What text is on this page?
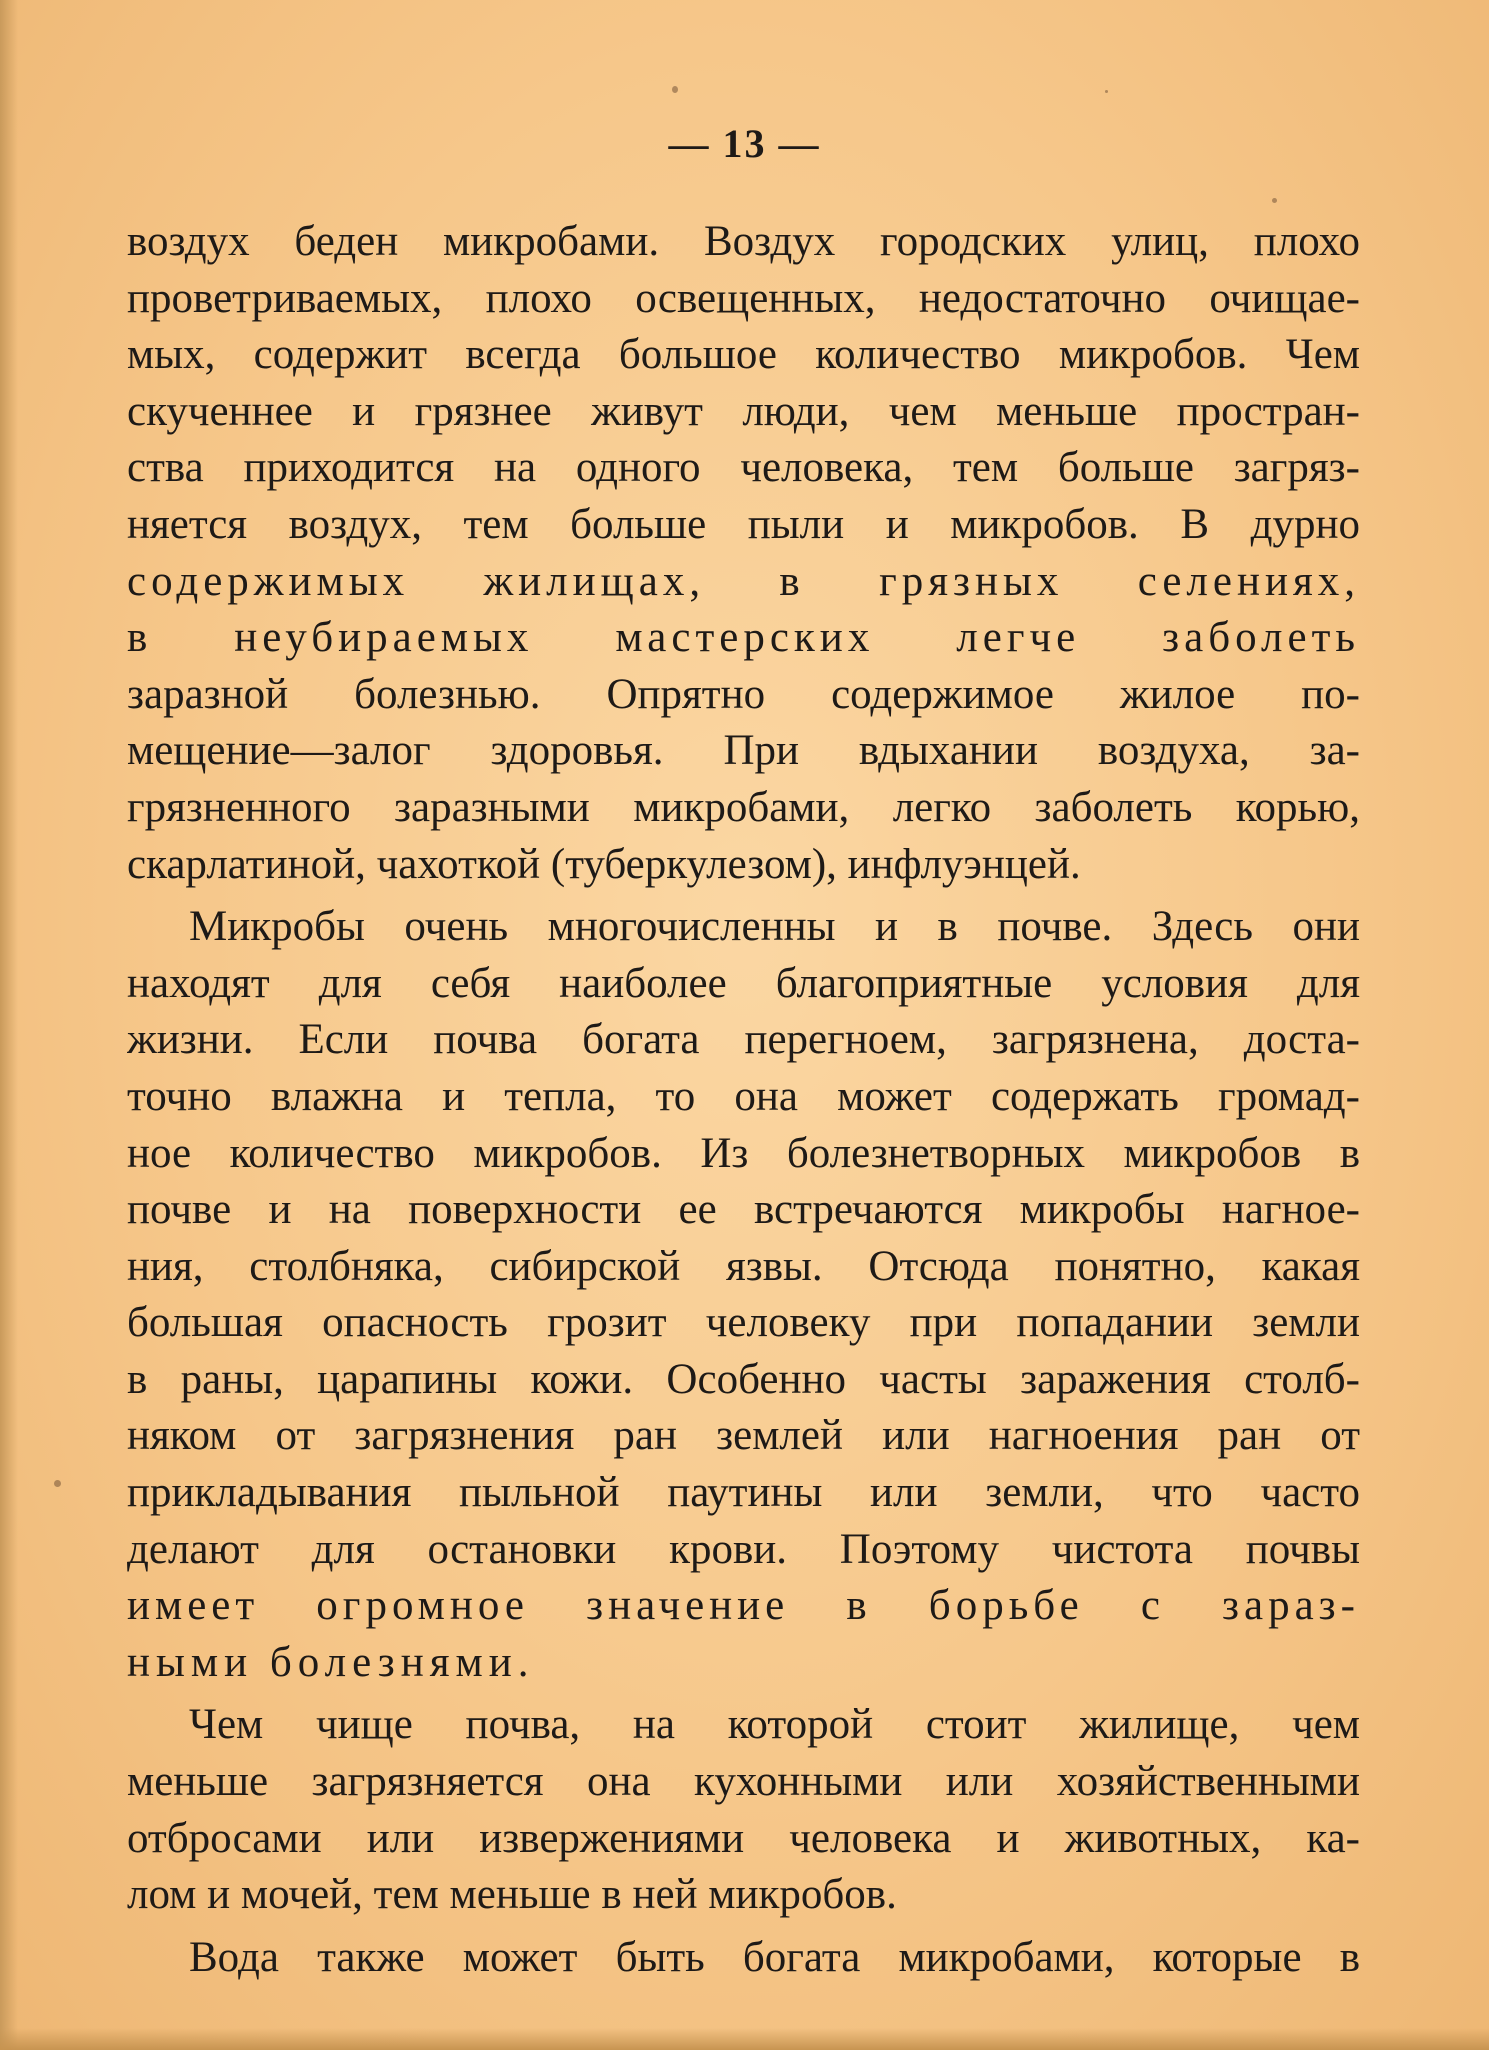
— 13 —
воздух беден микробами. Воздух городских улиц, плохо
проветриваемых, плохо освещенных, недостаточно очищае-
мых, содержит всегда большое количество микробов. Чем
скученнее и грязнее живут люди, чем меньше простран-
ства приходится на одного человека, тем больше загряз-
няется воздух, тем больше пыли и микробов. В дурно
содержимых жилищах, в грязных селениях,
в неубираемых мастерских легче заболеть
заразной болезнью. Опрятно содержимое жилое по-
мещение—залог здоровья. При вдыхании воздуха, за-
грязненного заразными микробами, легко заболеть корью,
скарлатиной, чахоткой (туберкулезом), инфлуэнцей.
Микробы очень многочисленны и в почве. Здесь они
находят для себя наиболее благоприятные условия для
жизни. Если почва богата перегноем, загрязнена, доста-
точно влажна и тепла, то она может содержать громад-
ное количество микробов. Из болезнетворных микробов в
почве и на поверхности ее встречаются микробы нагное-
ния, столбняка, сибирской язвы. Отсюда понятно, какая
большая опасность грозит человеку при попадании земли
в раны, царапины кожи. Особенно часты заражения столб-
няком от загрязнения ран землей или нагноения ран от
прикладывания пыльной паутины или земли, что часто
делают для остановки крови. Поэтому чистота почвы
имеет огромное значение в борьбе с зараз-
ными болезнями.
Чем чище почва, на которой стоит жилище, чем
меньше загрязняется она кухонными или хозяйственными
отбросами или извержениями человека и животных, ка-
лом и мочей, тем меньше в ней микробов.
Вода также может быть богата микробами, которые в
